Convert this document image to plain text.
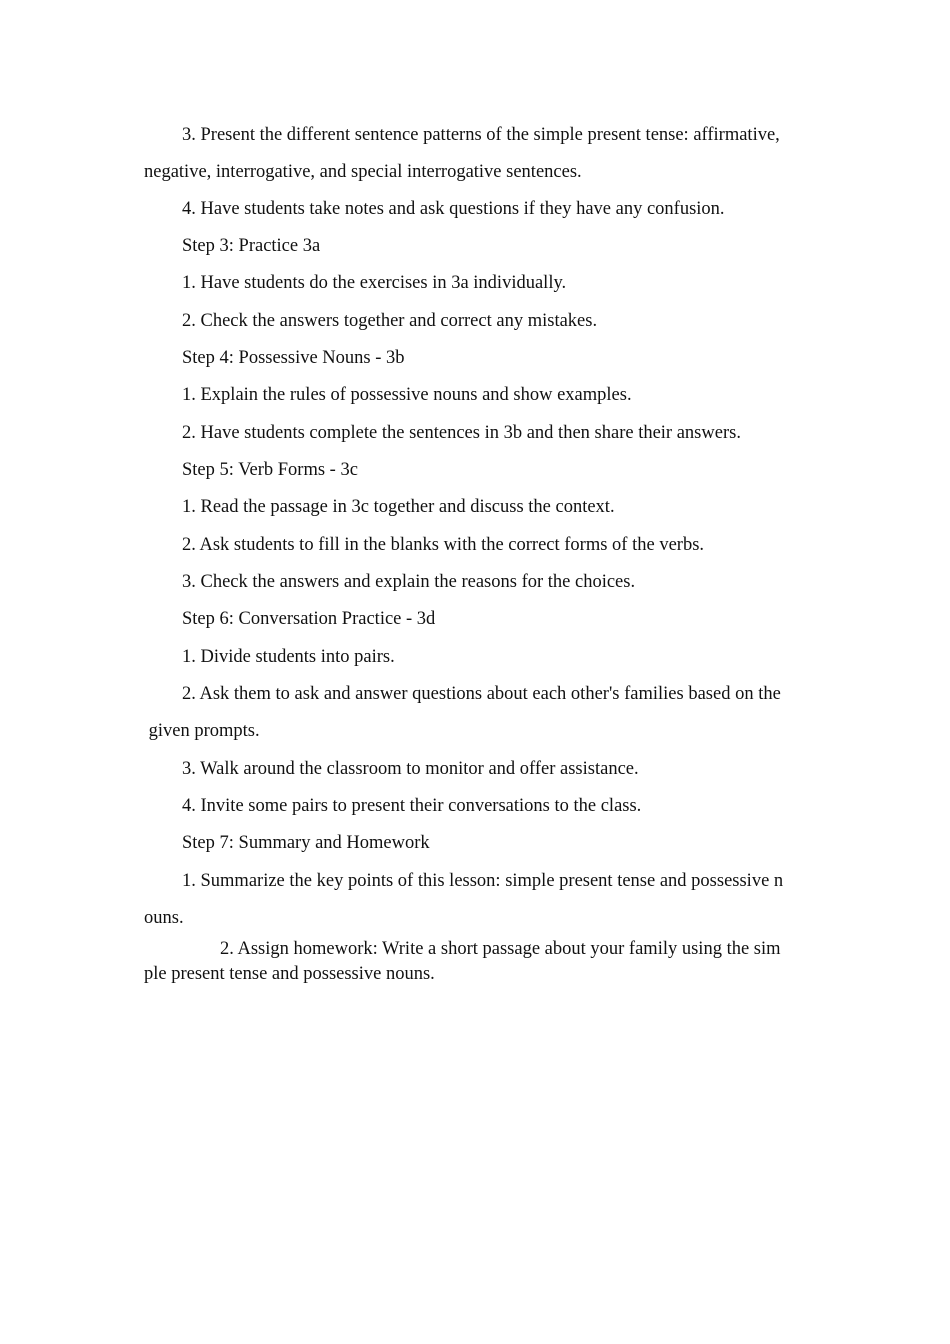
3. Present the different sentence patterns of the simple present tense: affirmative,
negative, interrogative, and special interrogative sentences.
4. Have students take notes and ask questions if they have any confusion.
Step 3: Practice 3a
1. Have students do the exercises in 3a individually.
2. Check the answers together and correct any mistakes.
Step 4: Possessive Nouns - 3b
1. Explain the rules of possessive nouns and show examples.
2. Have students complete the sentences in 3b and then share their answers.
Step 5: Verb Forms - 3c
1. Read the passage in 3c together and discuss the context.
2. Ask students to fill in the blanks with the correct forms of the verbs.
3. Check the answers and explain the reasons for the choices.
Step 6: Conversation Practice - 3d
1. Divide students into pairs.
2. Ask them to ask and answer questions about each other's families based on the
given prompts.
3. Walk around the classroom to monitor and offer assistance.
4. Invite some pairs to present their conversations to the class.
Step 7: Summary and Homework
1. Summarize the key points of this lesson: simple present tense and possessive n
ouns.
2. Assign homework: Write a short passage about your family using the sim
ple present tense and possessive nouns.
